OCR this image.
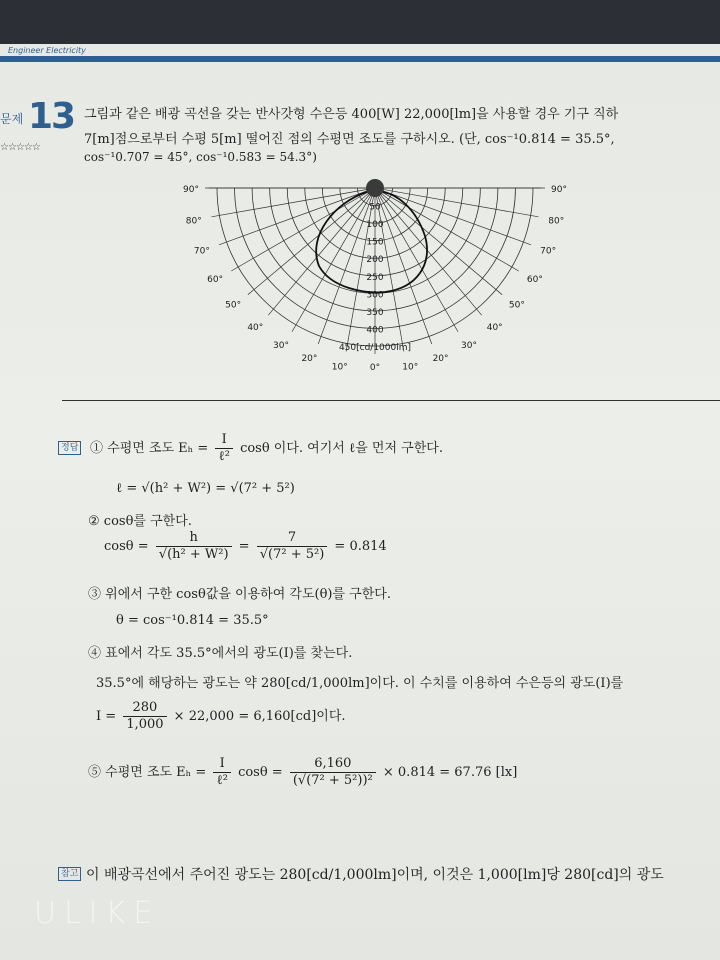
Engineer Electricity
문제 13
☆☆☆☆☆
그림과 같은 배광 곡선을 갖는 반사갓형 수은등 400[W] 22,000[lm]을 사용할 경우 기구 직하
7[m]점으로부터 수평 5[m] 떨어진 점의 수평면 조도를 구하시오. (단, cos⁻¹0.814 = 35.5°,
cos⁻¹0.707 = 45°, cos⁻¹0.583 = 54.3°)
90°
80°
70°
60°
50°
40°
30°
20°
10°
90°
80°
70°
60°
50°
40°
30°
20°
10°
0°
50
100
150
200
250
300
350
400
450[cd/1000lm]
정답 ① 수평면 조도 $E_h = \frac{I}{\text{ℓ²}}$ cosθ 이다. 여기서 ℓ을 먼저 구한다.
ℓ = √(h² + W²) = √(7² + 5²)
② cosθ를 구한다.
$\cos\theta = \frac{h}{\text{√(h² + W²)}} = \frac{7}{\text{√(7² + 5²)}} = 0.814$
③ 위에서 구한 cosθ값을 이용하여 각도(θ)를 구한다.
θ = cos⁻¹0.814 = 35.5°
④ 표에서 각도 35.5°에서의 광도(I)를 찾는다.
35.5°에 해당하는 광도는 약 280[cd/1,000lm]이다. 이 수치를 이용하여 수은등의 광도(I)를
$I = \frac{280}{1,000} \times 22,000 = 6,160[cd]$이다.
⑤ 수평면 조도 $E_h = \frac{I}{\text{ℓ²}}$ $\cos\theta = \frac{6,160}{\text{(√(7² + 5²))²}} \times 0.814 = 67.76$ [lx]
참고 이 배광곡선에서 주어진 광도는 280[cd/1,000lm]이며, 이것은 1,000[lm]당 280[cd]의 광도
ULIKE
